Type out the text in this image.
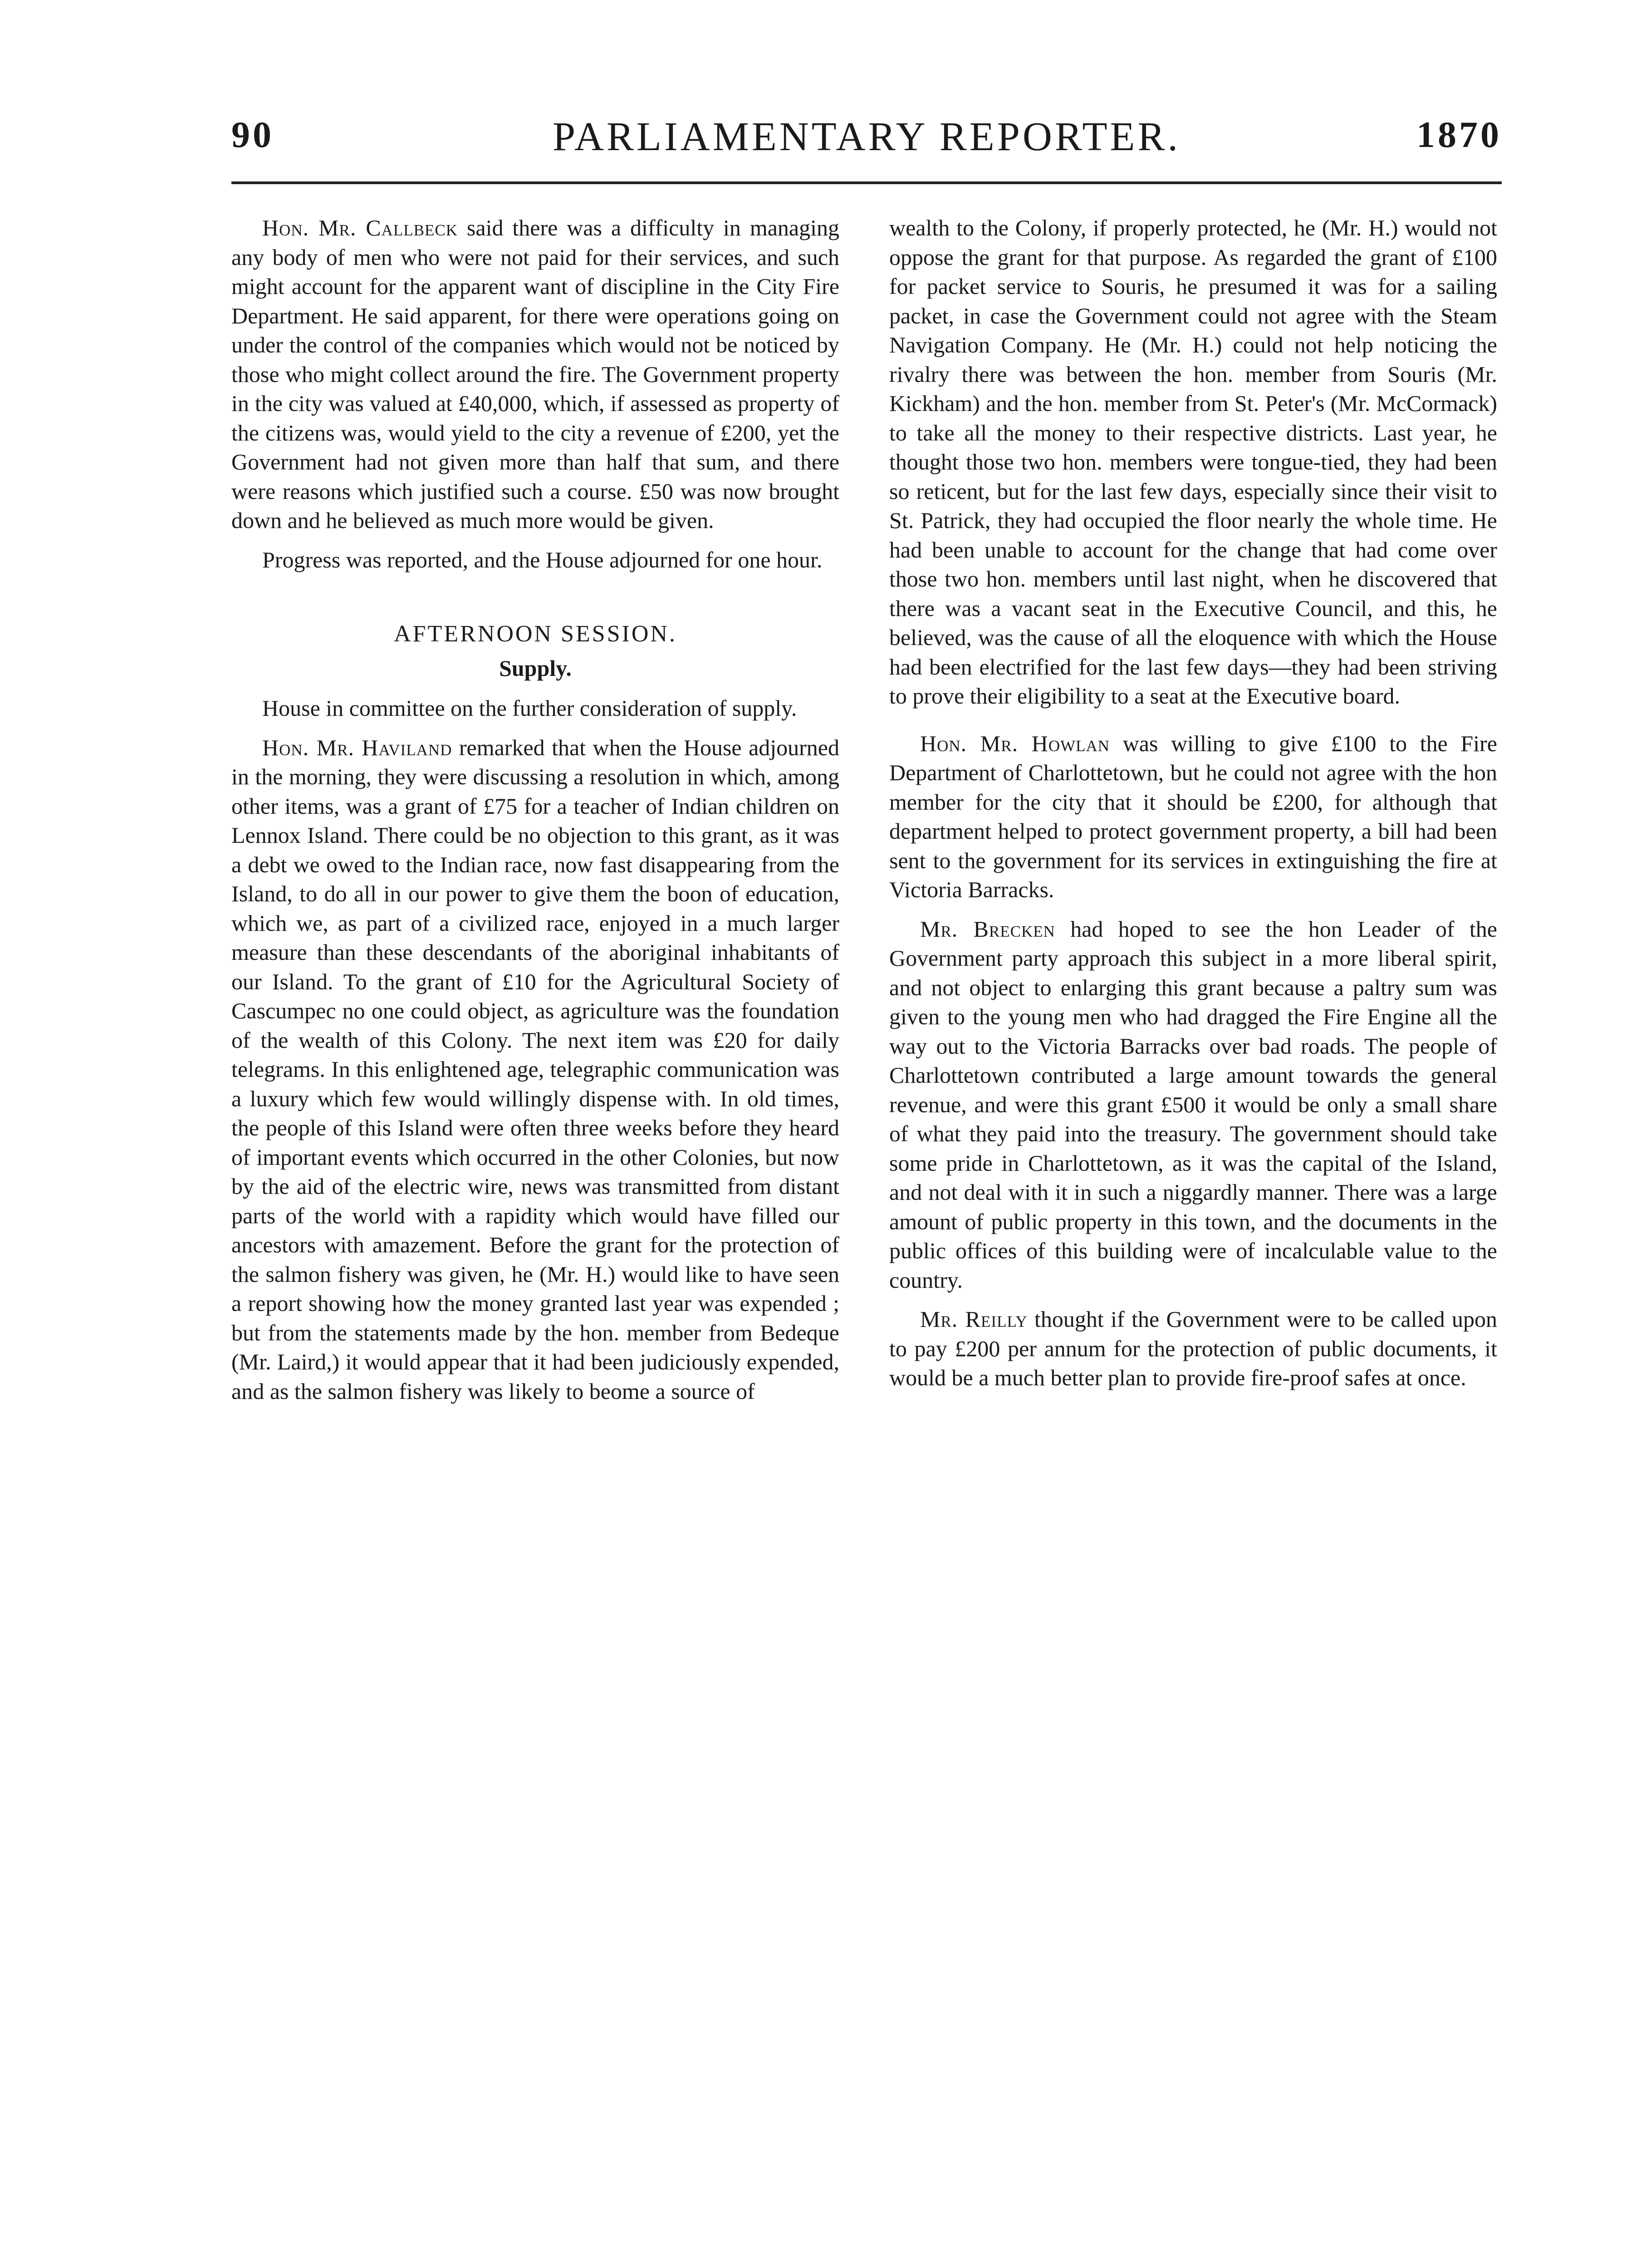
90	PARLIAMENTARY REPORTER.	1870

Hon. Mr. Callbeck said there was a difficulty in managing any body of men who were not paid for their services, and such might account for the apparent want of discipline in the City Fire Department. He said apparent, for there were operations going on under the control of the companies which would not be noticed by those who might collect around the fire. The Government property in the city was valued at £40,000, which, if assessed as property of the citizens was, would yield to the city a revenue of £200, yet the Government had not given more than half that sum, and there were reasons which justified such a course. £50 was now brought down and he believed as much more would be given.

Progress was reported, and the House adjourned for one hour.

AFTERNOON SESSION.
Supply.

House in committee on the further consideration of supply.

Hon. Mr. Haviland remarked that when the House adjourned in the morning, they were discussing a resolution in which, among other items, was a grant of £75 for a teacher of Indian children on Lennox Island. There could be no objection to this grant, as it was a debt we owed to the Indian race, now fast disappearing from the Island, to do all in our power to give them the boon of education, which we, as part of a civilized race, enjoyed in a much larger measure than these descendants of the aboriginal inhabitants of our Island. To the grant of £10 for the Agricultural Society of Cascumpec no one could object, as agriculture was the foundation of the wealth of this Colony. The next item was £20 for daily telegrams. In this enlightened age, telegraphic communication was a luxury which few would willingly dispense with. In old times, the people of this Island were often three weeks before they heard of important events which occurred in the other Colonies, but now by the aid of the electric wire, news was transmitted from distant parts of the world with a rapidity which would have filled our ancestors with amazement. Before the grant for the protection of the salmon fishery was given, he (Mr. H.) would like to have seen a report showing how the money granted last year was expended ; but from the statements made by the hon. member from Bedeque (Mr. Laird,) it would appear that it had been judiciously expended, and as the salmon fishery was likely to beome a source of

wealth to the Colony, if properly protected, he (Mr. H.) would not oppose the grant for that purpose. As regarded the grant of £100 for packet service to Souris, he presumed it was for a sailing packet, in case the Government could not agree with the Steam Navigation Company. He (Mr. H.) could not help noticing the rivalry there was between the hon. member from Souris (Mr. Kickham) and the hon. member from St. Peter's (Mr. McCormack) to take all the money to their respective districts. Last year, he thought those two hon. members were tongue-tied, they had been so reticent, but for the last few days, especially since their visit to St. Patrick, they had occupied the floor nearly the whole time. He had been unable to account for the change that had come over those two hon. members until last night, when he discovered that there was a vacant seat in the Executive Council, and this, he believed, was the cause of all the eloquence with which the House had been electrified for the last few days—they had been striving to prove their eligibility to a seat at the Executive board.

Hon. Mr. Howlan was willing to give £100 to the Fire Department of Charlottetown, but he could not agree with the hon member for the city that it should be £200, for although that department helped to protect government property, a bill had been sent to the government for its services in extinguishing the fire at Victoria Barracks.

Mr. Brecken had hoped to see the hon Leader of the Government party approach this subject in a more liberal spirit, and not object to enlarging this grant because a paltry sum was given to the young men who had dragged the Fire Engine all the way out to the Victoria Barracks over bad roads. The people of Charlottetown contributed a large amount towards the general revenue, and were this grant £500 it would be only a small share of what they paid into the treasury. The government should take some pride in Charlottetown, as it was the capital of the Island, and not deal with it in such a niggardly manner. There was a large amount of public property in this town, and the documents in the public offices of this building were of incalculable value to the country.

Mr. Reilly thought if the Government were to be called upon to pay £200 per annum for the protection of public documents, it would be a much better plan to provide fire-proof safes at once.
